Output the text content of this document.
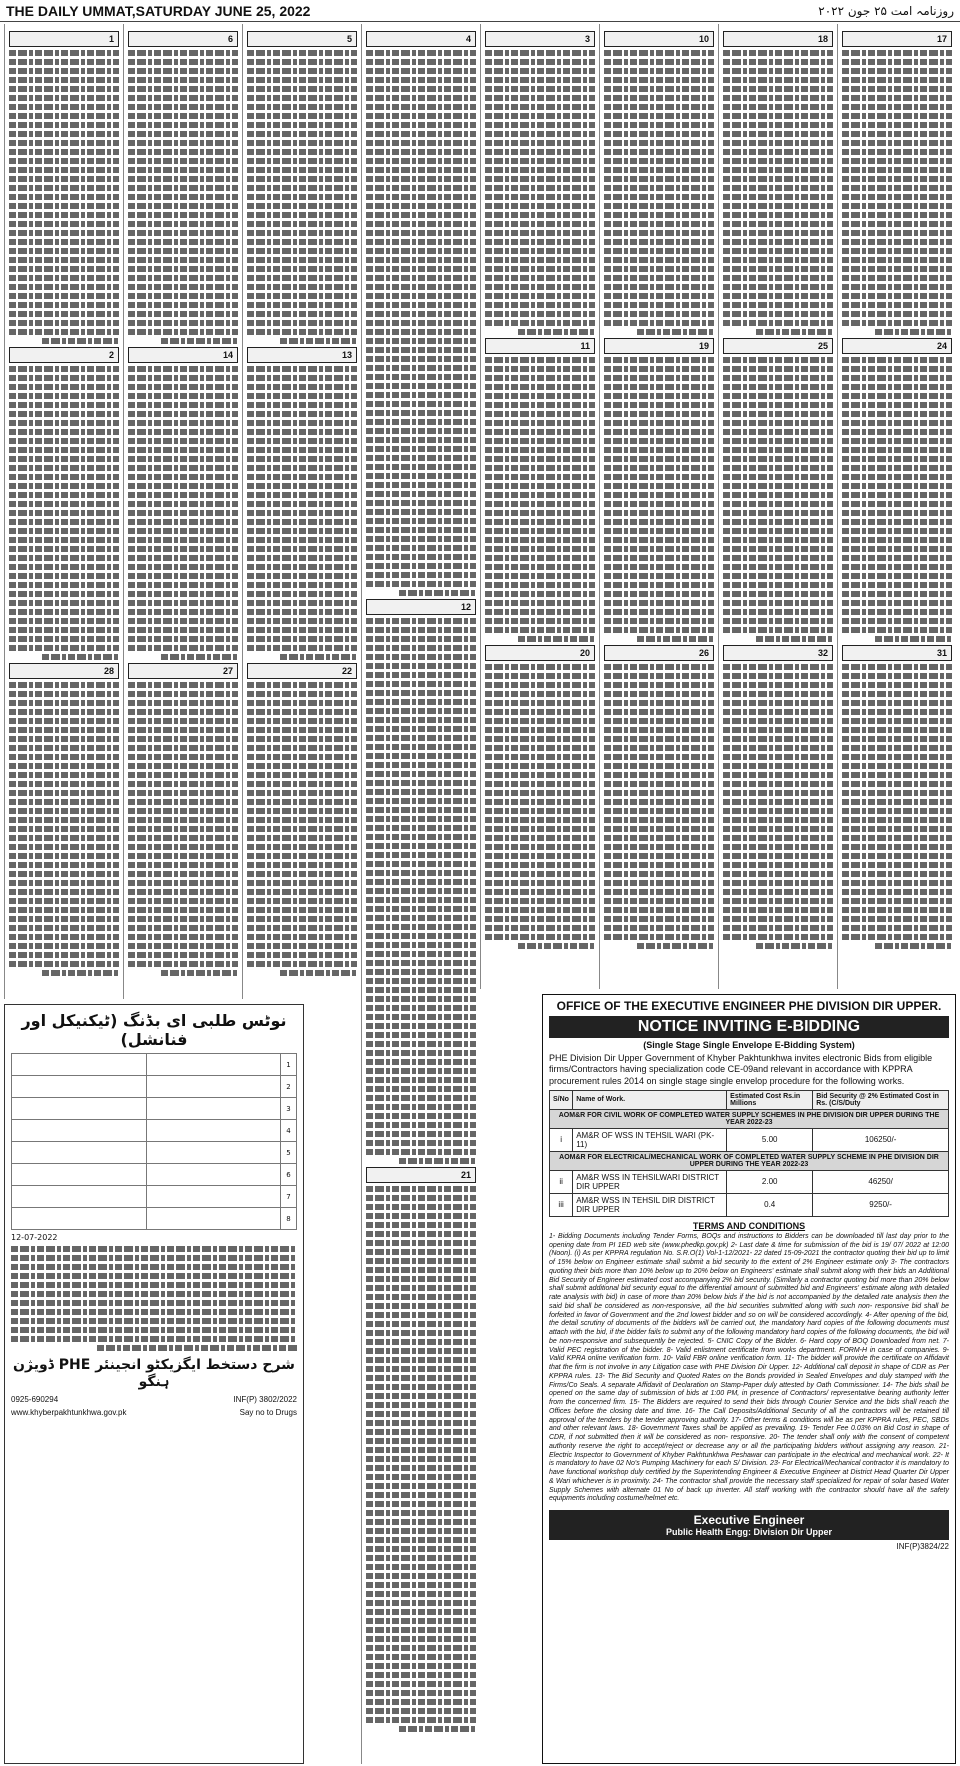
THE DAILY UMMAT,SATURDAY JUNE 25, 2022	روزنامہ امت ۲۵ جون ۲۰۲۲
17
24
31
18
25
32
10
19
26
3
11
20
4
12
21
5
13
22
6
14
27
1
2
28
نوٹس طلبی ای بڈنگ (ٹیکنیکل اور فنانشل)
		1
		2
		3
		4
		5
		6
		7
		8
12-07-2022
شرح دستخط ایگزیکٹو انجینئر PHE ڈویژن ہنگو
0925-690294	INF(P) 3802/2022
www.khyberpakhtunkhwa.gov.pk	Say no to Drugs
OFFICE OF THE EXECUTIVE ENGINEER PHE DIVISION DIR UPPER.
NOTICE INVITING E-BIDDING
(Single Stage Single Envelope E-Bidding System)
PHE Division Dir Upper Government of Khyber Pakhtunkhwa invites electronic Bids from eligible firms/Contractors having specialization code CE-09and relevant in accordance with KPPRA procurement rules 2014 on single stage single envelop procedure for the following works.
S/No	Name of Work.	Estimated Cost Rs.in Millions	Bid Security @ 2% Estimated Cost in Rs. (C/S/Duty
AOM&R FOR CIVIL WORK OF COMPLETED WATER SUPPLY SCHEMES IN PHE DIVISION DIR UPPER DURING THE YEAR 2022-23			
i	AM&R OF WSS IN TEHSIL WARI (PK- 11)	5.00	106250/-
AOM&R FOR ELECTRICAL/MECHANICAL WORK OF COMPLETED WATER SUPPLY SCHEME IN PHE DIVISION DIR UPPER DURING THE YEAR 2022-23			
ii	AM&R WSS IN TEHSILWARI DISTRICT DIR UPPER	2.00	46250/
iii	AM&R WSS IN TEHSIL DIR DISTRICT DIR UPPER	0.4	9250/-
TERMS AND CONDITIONS
1- Bidding Documents including Tender Forms, BOQs and instructions to Bidders can be downloaded till last day prior to the opening date from PI 1ED web site (www.phedkp.gov.pk) 2- Last date & time for submission of the bid is 19/ 07/ 2022 at 12:00 (Noon). (i) As per KPPRA regulation No. S.R.O(1) Vol-1-12/2021- 22 dated 15-09-2021 the contractor quoting their bid up to limit of 15% below on Engineer estimate shall submit a bid security to the extent of 2% Engineer estimate only 3- The contractors quoting their bids more than 10% below up to 20% below on Engineers' estimate shall submit along with their bids an Additional Bid Security of Engineer estimated cost accompanying 2% bid security. (Similarly a contractor quoting bid more than 20% below shall submit additional bid security equal to the differential amount of submitted bid and Engineers' estimate along with detailed rate analysis with bid) in case of more than 20% below bids if the bid is not accompanied by the detailed rate analysis then the said bid shall be considered as non-responsive, all the bid securities submitted along with such non- responsive bid shall be forfeited in favor of Government and the 2nd lowest bidder and so on will be considered accordingly. 4- After opening of the bid, the detail scrutiny of documents of the bidders will be carried out, the mandatory hard copies of the following documents must attach with the bid, if the bidder fails to submit any of the following mandatory hard copies of the following documents, the bid will be non-responsive and subsequently be rejected. 5- CNIC Copy of the Bidder. 6- Hard copy of BOQ Downloaded from net. 7- Valid PEC registration of the bidder. 8- Valid enlistment certificate from works department. FORM-H in case of companies. 9- Valid KPRA online verification form. 10- Valid FBR online verification form. 11- The bidder will provide the certificate on Affidavit that the firm is not involve in any Litigation case with PHE Division Dir Upper. 12- Additional call deposit in shape of CDR as Per KPPRA rules. 13- The Bid Security and Quoted Rates on the Bonds provided in Sealed Envelopes and duly stamped with the Firms/Co Seals. A separate Affidavit of Declaration on Stamp-Paper duly attested by Oath Commissioner. 14- The bids shall be opened on the same day of submission of bids at 1:00 PM, in presence of Contractors/ representative bearing authority letter from the concerned firm. 15- The Bidders are required to send their bids through Courier Service and the bids shall reach the Offices before the closing date and time. 16- The Call Deposits/Additional Security of all the contractors will be retained till approval of the tenders by the tender approving authority. 17- Other terms & conditions will be as per KPPRA rules, PEC, SBDs and other relevant laws. 18- Government Taxes shall be applied as prevailing. 19- Tender Fee 0.03% on Bid Cost in shape of CDR, if not submitted then it will be considered as non- responsive. 20- The tender shall only with the consent of competent authority reserve the right to accept/reject or decrease any or all the participating bidders without assigning any reason. 21- Electric Inspector to Government of Khyber Pakhtunkhwa Peshawar can participate in the electrical and mechanical work. 22- It is mandatory to have 02 No's Pumping Machinery for each S/ Division. 23- For Electrical/Mechanical contractor it is mandatory to have functional workshop duly certified by the Superintending Engineer & Executive Engineer at District Head Quarter Dir Upper & Wari whichever is in proximity. 24- The contractor shall provide the necessary staff specialized for repair of solar based Water Supply Schemes with alternate 01 No of back up inverter. All staff working with the contractor should have all the safety equipments including costume/helmet etc.
Executive Engineer
Public Health Engg: Division Dir Upper
INF(P)3824/22
